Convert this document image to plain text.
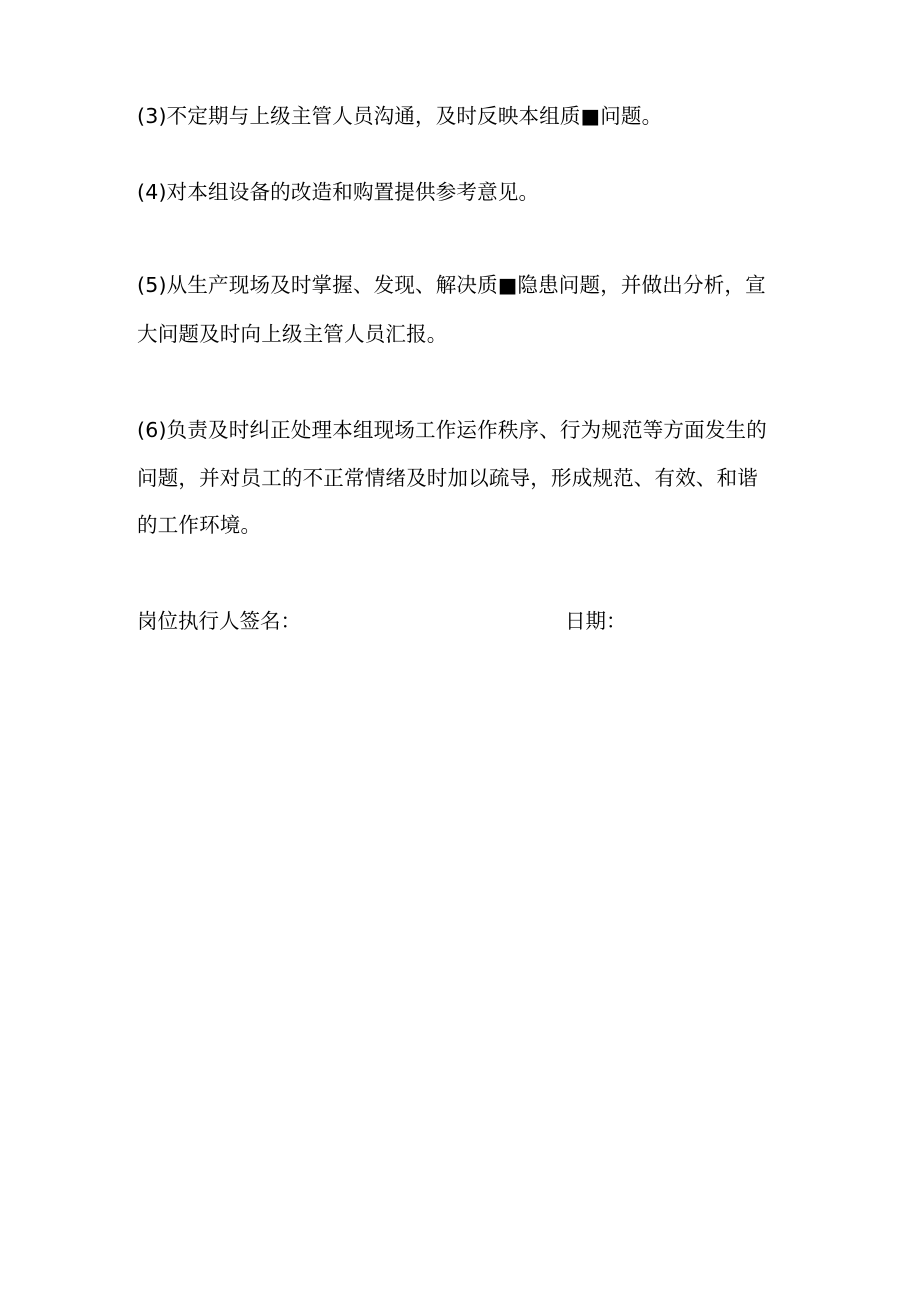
(3)不定期与上级主管人员沟通，及时反映本组质■问题。
(4)对本组设备的改造和购置提供参考意见。
(5)从生产现场及时掌握、发现、解决质■隐患问题，并做出分析，宣
大问题及时向上级主管人员汇报。
(6)负责及时纠正处理本组现场工作运作秩序、行为规范等方面发生的
问题，并对员工的不正常情绪及时加以疏导，形成规范、有效、和谐
的工作环境。
岗位执行人签名：	日期：
